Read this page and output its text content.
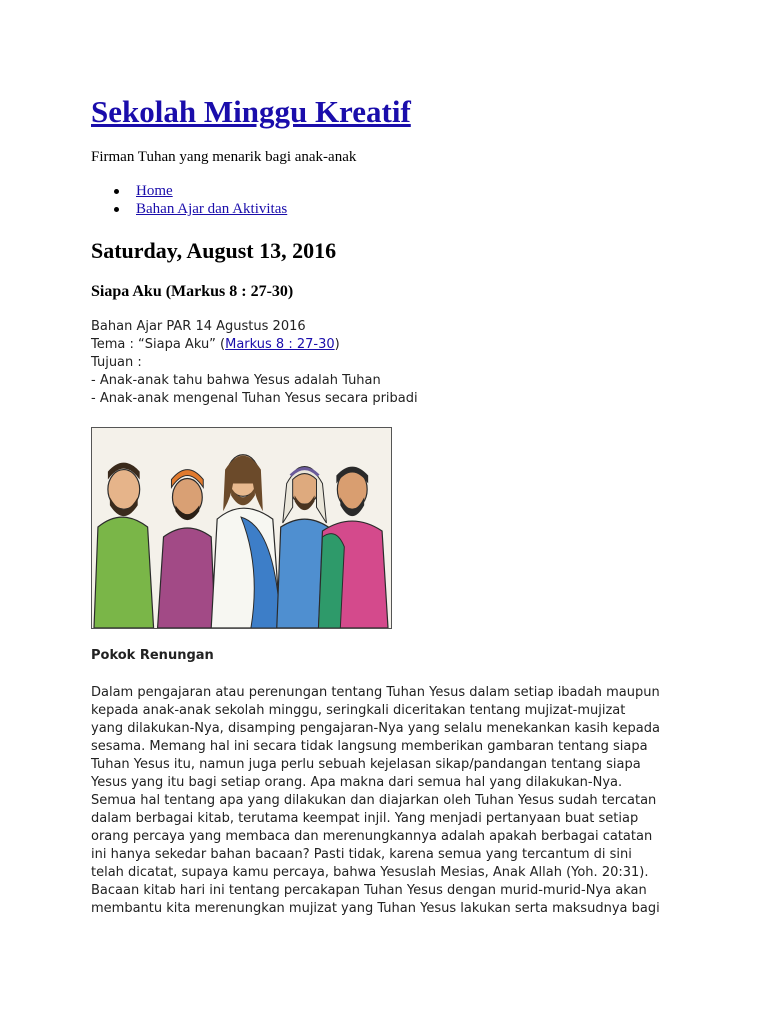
Sekolah Minggu Kreatif

Firman Tuhan yang menarik bagi anak-anak

Home
Bahan Ajar dan Aktivitas
Saturday, August 13, 2016
Siapa Aku (Markus 8 : 27-30)
Bahan Ajar PAR 14 Agustus 2016
Tema : “Siapa Aku” (Markus 8 : 27-30)
Tujuan :
- Anak-anak tahu bahwa Yesus adalah Tuhan
- Anak-anak mengenal Tuhan Yesus secara pribadi
Pokok Renungan
Dalam pengajaran atau perenungan tentang Tuhan Yesus dalam setiap ibadah maupun
kepada anak-anak sekolah minggu, seringkali diceritakan tentang mujizat-mujizat
yang dilakukan-Nya, disamping pengajaran-Nya yang selalu menekankan kasih kepada
sesama. Memang hal ini secara tidak langsung memberikan gambaran tentang siapa
Tuhan Yesus itu, namun juga perlu sebuah kejelasan sikap/pandangan tentang siapa
Yesus yang itu bagi setiap orang. Apa makna dari semua hal yang dilakukan-Nya.
Semua hal tentang apa yang dilakukan dan diajarkan oleh Tuhan Yesus sudah tercatan
dalam berbagai kitab, terutama keempat injil. Yang menjadi pertanyaan buat setiap
orang percaya yang membaca dan merenungkannya adalah apakah berbagai catatan
ini hanya sekedar bahan bacaan? Pasti tidak, karena semua yang tercantum di sini
telah dicatat, supaya kamu percaya, bahwa Yesuslah Mesias, Anak Allah (Yoh. 20:31).
Bacaan kitab hari ini tentang percakapan Tuhan Yesus dengan murid-murid-Nya akan
membantu kita merenungkan mujizat yang Tuhan Yesus lakukan serta maksudnya bagi
